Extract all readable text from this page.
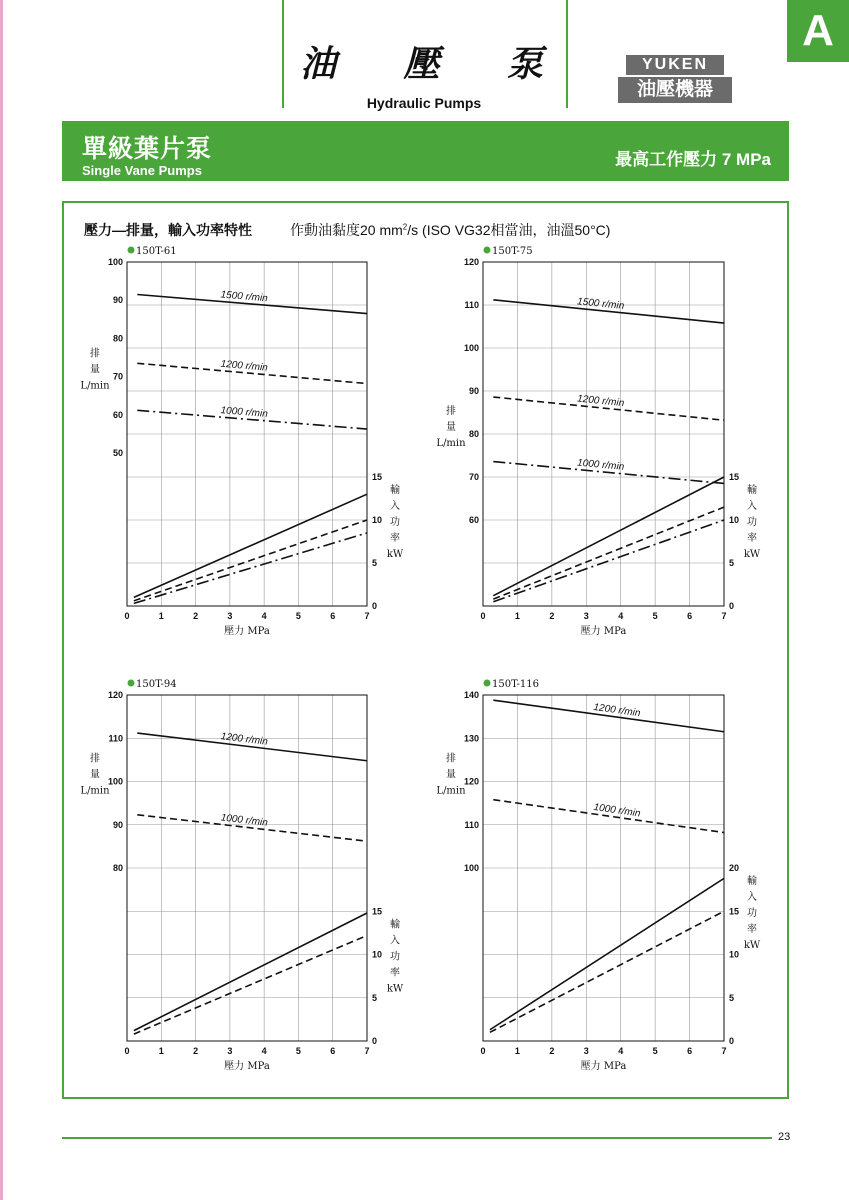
油 壓 泵
Hydraulic Pumps
YUKEN
油壓機器
A
單級葉片泵
Single Vane Pumps
最高工作壓力 7 MPa
壓力—排量，輸入功率特性	作動油黏度20 $mm^2/s$ (ISO VG32相當油，油溫50°C)
150T-61
0	1	2	3	4	5	6	7
50
60
70
80
90
100
0
5
10
15
壓力 MPa
排
量
L/min
輸
入
功
率
kW
1500 r/min
1200 r/min
1000 r/min
150T-75
0	1	2	3	4	5	6	7
60
70
80
90
100
110
120
0
5
10
15
壓力 MPa
排
量
L/min
輸
入
功
率
kW
1500 r/min
1200 r/min
1000 r/min
150T-94
0	1	2	3	4	5	6	7
80
90
100
110
120
0
5
10
15
壓力 MPa
排
量
L/min
輸
入
功
率
kW
1200 r/min
1000 r/min
150T-116
0	1	2	3	4	5	6	7
100
110
120
130
140
0
5
10
15
20
壓力 MPa
排
量
L/min
輸
入
功
率
kW
1200 r/min
1000 r/min
23
